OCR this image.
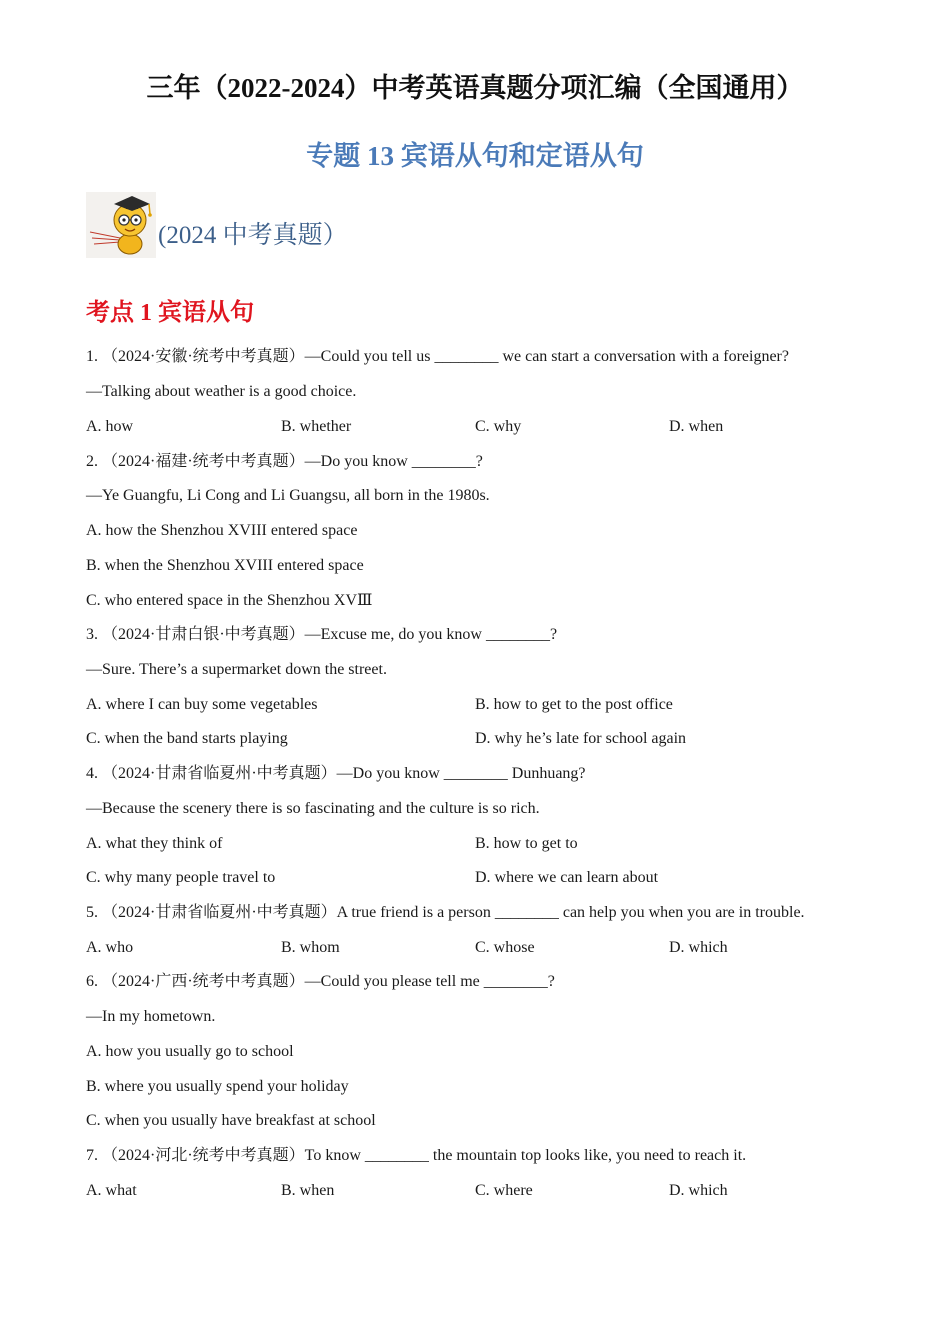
三年（2022-2024）中考英语真题分项汇编（全国通用）
专题 13 宾语从句和定语从句
(2024 中考真题）
考点 1 宾语从句
1. （2024·安徽·统考中考真题）—Could you tell us ________ we can start a conversation with a foreigner?
—Talking about weather is a good choice.
A. how	B. whether	C. why	D. when
2. （2024·福建·统考中考真题）—Do you know ________?
—Ye Guangfu, Li Cong and Li Guangsu, all born in the 1980s.
A. how the Shenzhou XVIII entered space
B. when the Shenzhou XVIII entered space
C. who entered space in the Shenzhou XVⅢ
3. （2024·甘肃白银·中考真题）—Excuse me, do you know ________?
—Sure. There’s a supermarket down the street.
A. where I can buy some vegetables	B. how to get to the post office
C. when the band starts playing	D. why he’s late for school again
4. （2024·甘肃省临夏州·中考真题）—Do you know ________ Dunhuang?
—Because the scenery there is so fascinating and the culture is so rich.
A. what they think of	B. how to get to
C. why many people travel to	D. where we can learn about
5. （2024·甘肃省临夏州·中考真题）A true friend is a person ________ can help you when you are in trouble.
A. who	B. whom	C. whose	D. which
6. （2024·广西·统考中考真题）—Could you please tell me ________?
—In my hometown.
A. how you usually go to school
B. where you usually spend your holiday
C. when you usually have breakfast at school
7. （2024·河北·统考中考真题）To know ________ the mountain top looks like, you need to reach it.
A. what	B. when	C. where	D. which
